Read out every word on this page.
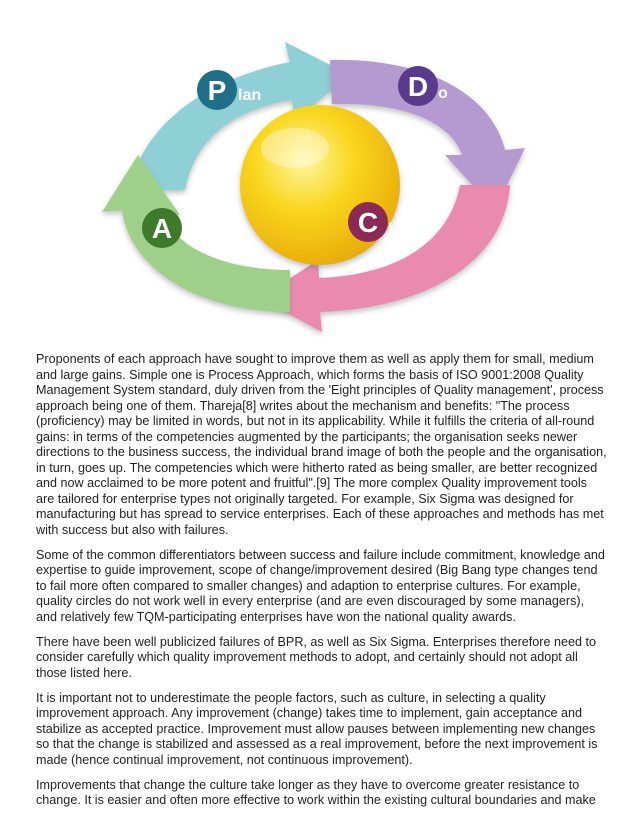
P lan	D o
C heck
A ct

Proponents of each approach have sought to improve them as well as apply them for small, medium and large gains. Simple one is Process Approach, which forms the basis of ISO 9001:2008 Quality Management System standard, duly driven from the 'Eight principles of Quality management', process approach being one of them. Thareja[8] writes about the mechanism and benefits: "The process (proficiency) may be limited in words, but not in its applicability. While it fulfills the criteria of all-round gains: in terms of the competencies augmented by the participants; the organisation seeks newer directions to the business success, the individual brand image of both the people and the organisation, in turn, goes up. The competencies which were hitherto rated as being smaller, are better recognized and now acclaimed to be more potent and fruitful".[9] The more complex Quality improvement tools are tailored for enterprise types not originally targeted. For example, Six Sigma was designed for manufacturing but has spread to service enterprises. Each of these approaches and methods has met with success but also with failures.

Some of the common differentiators between success and failure include commitment, knowledge and expertise to guide improvement, scope of change/improvement desired (Big Bang type changes tend to fail more often compared to smaller changes) and adaption to enterprise cultures. For example, quality circles do not work well in every enterprise (and are even discouraged by some managers), and relatively few TQM-participating enterprises have won the national quality awards.

There have been well publicized failures of BPR, as well as Six Sigma. Enterprises therefore need to consider carefully which quality improvement methods to adopt, and certainly should not adopt all those listed here.

It is important not to underestimate the people factors, such as culture, in selecting a quality improvement approach. Any improvement (change) takes time to implement, gain acceptance and stabilize as accepted practice. Improvement must allow pauses between implementing new changes so that the change is stabilized and assessed as a real improvement, before the next improvement is made (hence continual improvement, not continuous improvement).

Improvements that change the culture take longer as they have to overcome greater resistance to change. It is easier and often more effective to work within the existing cultural boundaries and make
